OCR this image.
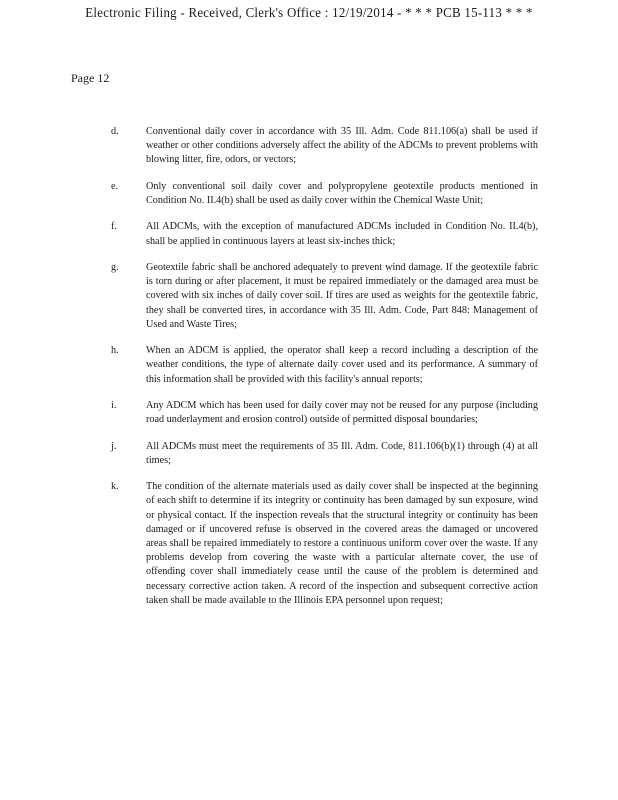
Electronic Filing - Received, Clerk's Office : 12/19/2014 - * * * PCB 15-113 * * *
Page 12
d.	Conventional daily cover in accordance with 35 Ill. Adm. Code 811.106(a) shall be used if weather or other conditions adversely affect the ability of the ADCMs to prevent problems with blowing litter, fire, odors, or vectors;
e.	Only conventional soil daily cover and polypropylene geotextile products mentioned in Condition No. II.4(b) shall be used as daily cover within the Chemical Waste Unit;
f.	All ADCMs, with the exception of manufactured ADCMs included in Condition No. II.4(b), shall be applied in continuous layers at least six-inches thick;
g.	Geotextile fabric shall be anchored adequately to prevent wind damage. If the geotextile fabric is torn during or after placement, it must be repaired immediately or the damaged area must be covered with six inches of daily cover soil. If tires are used as weights for the geotextile fabric, they shall be converted tires, in accordance with 35 Ill. Adm. Code, Part 848: Management of Used and Waste Tires;
h.	When an ADCM is applied, the operator shall keep a record including a description of the weather conditions, the type of alternate daily cover used and its performance. A summary of this information shall be provided with this facility's annual reports;
i.	Any ADCM which has been used for daily cover may not be reused for any purpose (including road underlayment and erosion control) outside of permitted disposal boundaries;
j.	All ADCMs must meet the requirements of 35 Ill. Adm. Code, 811.106(b)(1) through (4) at all times;
k.	The condition of the alternate materials used as daily cover shall be inspected at the beginning of each shift to determine if its integrity or continuity has been damaged by sun exposure, wind or physical contact. If the inspection reveals that the structural integrity or continuity has been damaged or if uncovered refuse is observed in the covered areas the damaged or uncovered areas shall be repaired immediately to restore a continuous uniform cover over the waste. If any problems develop from covering the waste with a particular alternate cover, the use of offending cover shall immediately cease until the cause of the problem is determined and necessary corrective action taken. A record of the inspection and subsequent corrective action taken shall be made available to the Illinois EPA personnel upon request;
